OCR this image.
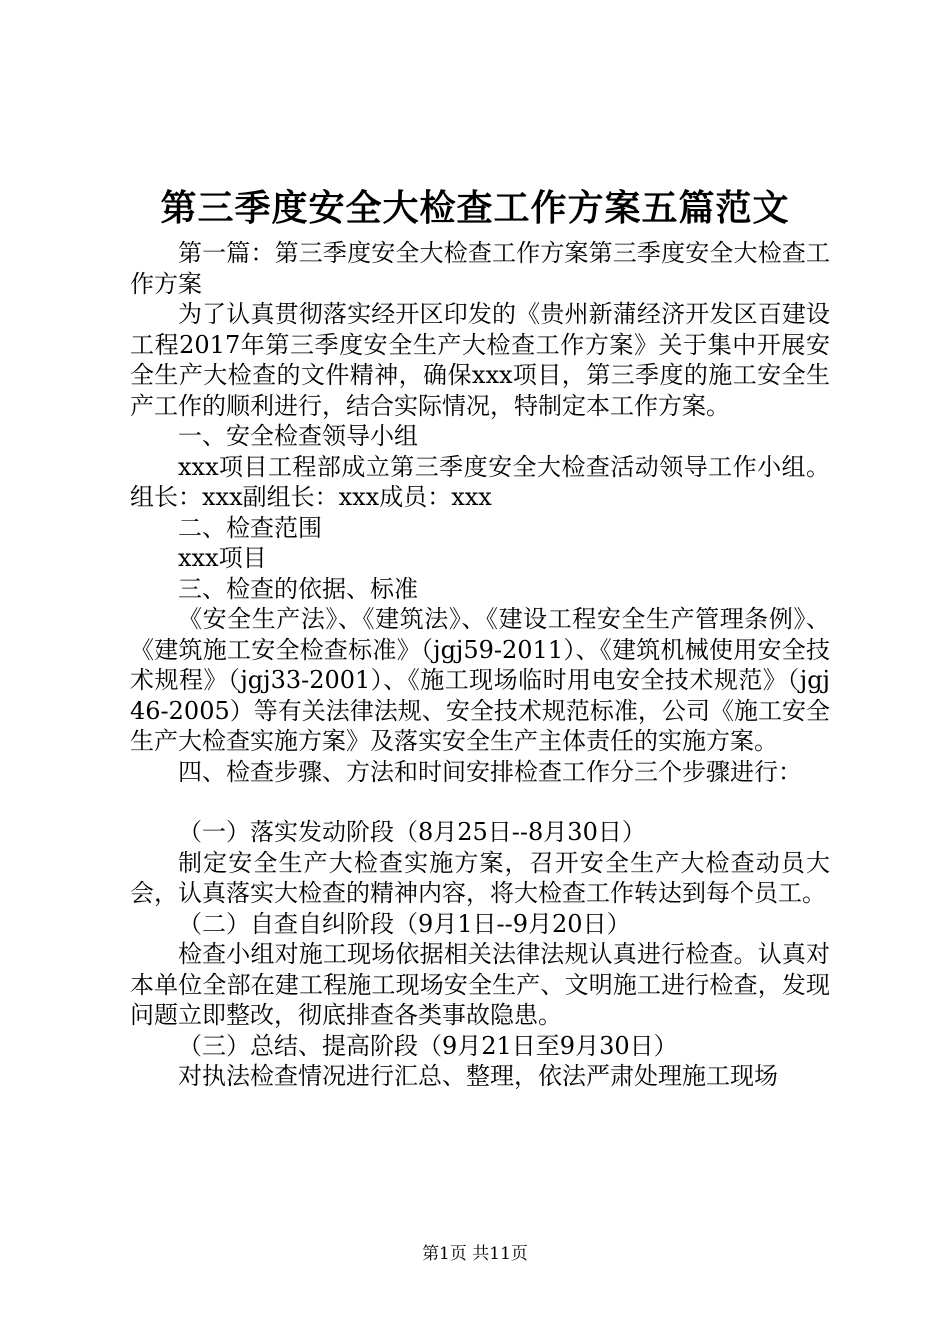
第三季度安全大检查工作方案五篇范文

第一篇：第三季度安全大检查工作方案第三季度安全大检查工作方案

为了认真贯彻落实经开区印发的《贵州新蒲经济开发区百建设工程2017年第三季度安全生产大检查工作方案》关于集中开展安全生产大检查的文件精神，确保xxx项目，第三季度的施工安全生产工作的顺利进行，结合实际情况，特制定本工作方案。

一、安全检查领导小组

xxx项目工程部成立第三季度安全大检查活动领导工作小组。组长：xxx副组长：xxx成员：xxx

二、检查范围

xxx项目

三、检查的依据、标准

《安全生产法》、《建筑法》、《建设工程安全生产管理条例》、《建筑施工安全检查标准》（jgj59-2011）、《建筑机械使用安全技术规程》（jgj33-2001）、《施工现场临时用电安全技术规范》（jgj46-2005）等有关法律法规、安全技术规范标准，公司《施工安全生产大检查实施方案》及落实安全生产主体责任的实施方案。

四、检查步骤、方法和时间安排检查工作分三个步骤进行：

（一）落实发动阶段（8月25日--8月30日）

制定安全生产大检查实施方案，召开安全生产大检查动员大会，认真落实大检查的精神内容，将大检查工作转达到每个员工。

（二）自查自纠阶段（9月1日--9月20日）

检查小组对施工现场依据相关法律法规认真进行检查。认真对本单位全部在建工程施工现场安全生产、文明施工进行检查，发现问题立即整改，彻底排查各类事故隐患。

（三）总结、提高阶段（9月21日至9月30日）

对执法检查情况进行汇总、整理，依法严肃处理施工现场

第1页 共11页
